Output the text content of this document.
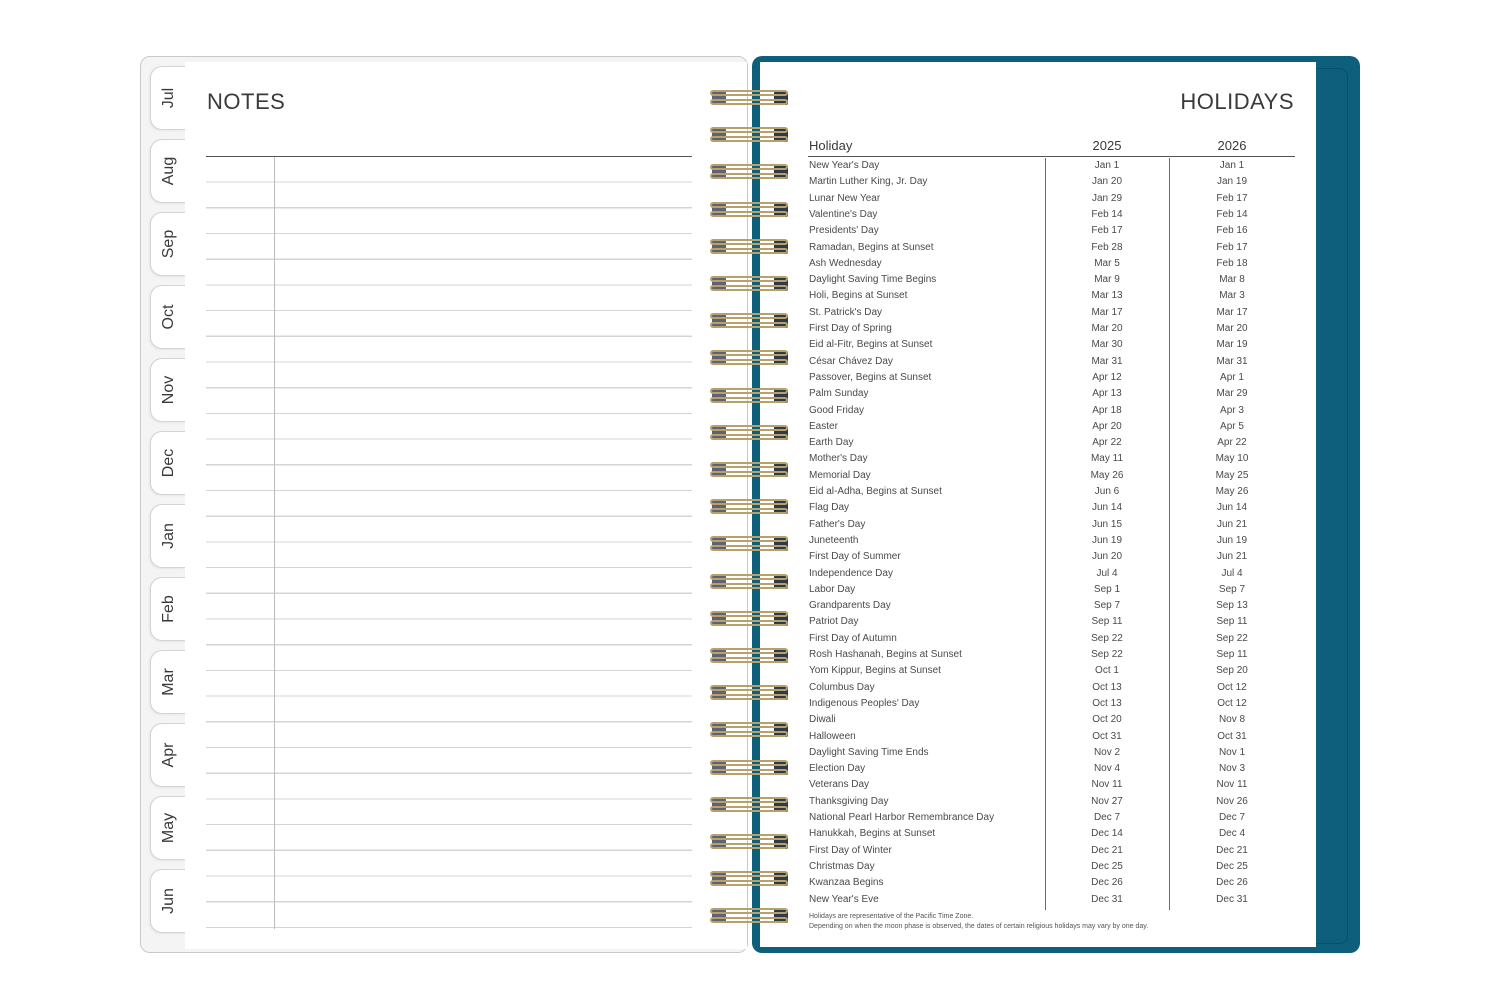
Jul
Aug
Sep
Oct
Nov
Dec
Jan
Feb
Mar
Apr
May
Jun
NOTES	HOLIDAYS
Holiday	2025	2026
New Year's Day	Jan 1	Jan 1
Martin Luther King, Jr. Day	Jan 20	Jan 19
Lunar New Year	Jan 29	Feb 17
Valentine's Day	Feb 14	Feb 14
Presidents' Day	Feb 17	Feb 16
Ramadan, Begins at Sunset	Feb 28	Feb 17
Ash Wednesday	Mar 5	Feb 18
Daylight Saving Time Begins	Mar 9	Mar 8
Holi, Begins at Sunset	Mar 13	Mar 3
St. Patrick's Day	Mar 17	Mar 17
First Day of Spring	Mar 20	Mar 20
Eid al-Fitr, Begins at Sunset	Mar 30	Mar 19
César Chávez Day	Mar 31	Mar 31
Passover, Begins at Sunset	Apr 12	Apr 1
Palm Sunday	Apr 13	Mar 29
Good Friday	Apr 18	Apr 3
Easter	Apr 20	Apr 5
Earth Day	Apr 22	Apr 22
Mother's Day	May 11	May 10
Memorial Day	May 26	May 25
Eid al-Adha, Begins at Sunset	Jun 6	May 26
Flag Day	Jun 14	Jun 14
Father's Day	Jun 15	Jun 21
Juneteenth	Jun 19	Jun 19
First Day of Summer	Jun 20	Jun 21
Independence Day	Jul 4	Jul 4
Labor Day	Sep 1	Sep 7
Grandparents Day	Sep 7	Sep 13
Patriot Day	Sep 11	Sep 11
First Day of Autumn	Sep 22	Sep 22
Rosh Hashanah, Begins at Sunset	Sep 22	Sep 11
Yom Kippur, Begins at Sunset	Oct 1	Sep 20
Columbus Day	Oct 13	Oct 12
Indigenous Peoples' Day	Oct 13	Oct 12
Diwali	Oct 20	Nov 8
Halloween	Oct 31	Oct 31
Daylight Saving Time Ends	Nov 2	Nov 1
Election Day	Nov 4	Nov 3
Veterans Day	Nov 11	Nov 11
Thanksgiving Day	Nov 27	Nov 26
National Pearl Harbor Remembrance Day	Dec 7	Dec 7
Hanukkah, Begins at Sunset	Dec 14	Dec 4
First Day of Winter	Dec 21	Dec 21
Christmas Day	Dec 25	Dec 25
Kwanzaa Begins	Dec 26	Dec 26
New Year's Eve	Dec 31	Dec 31
Holidays are representative of the Pacific Time Zone.
Depending on when the moon phase is observed, the dates of certain religious holidays may vary by one day.
